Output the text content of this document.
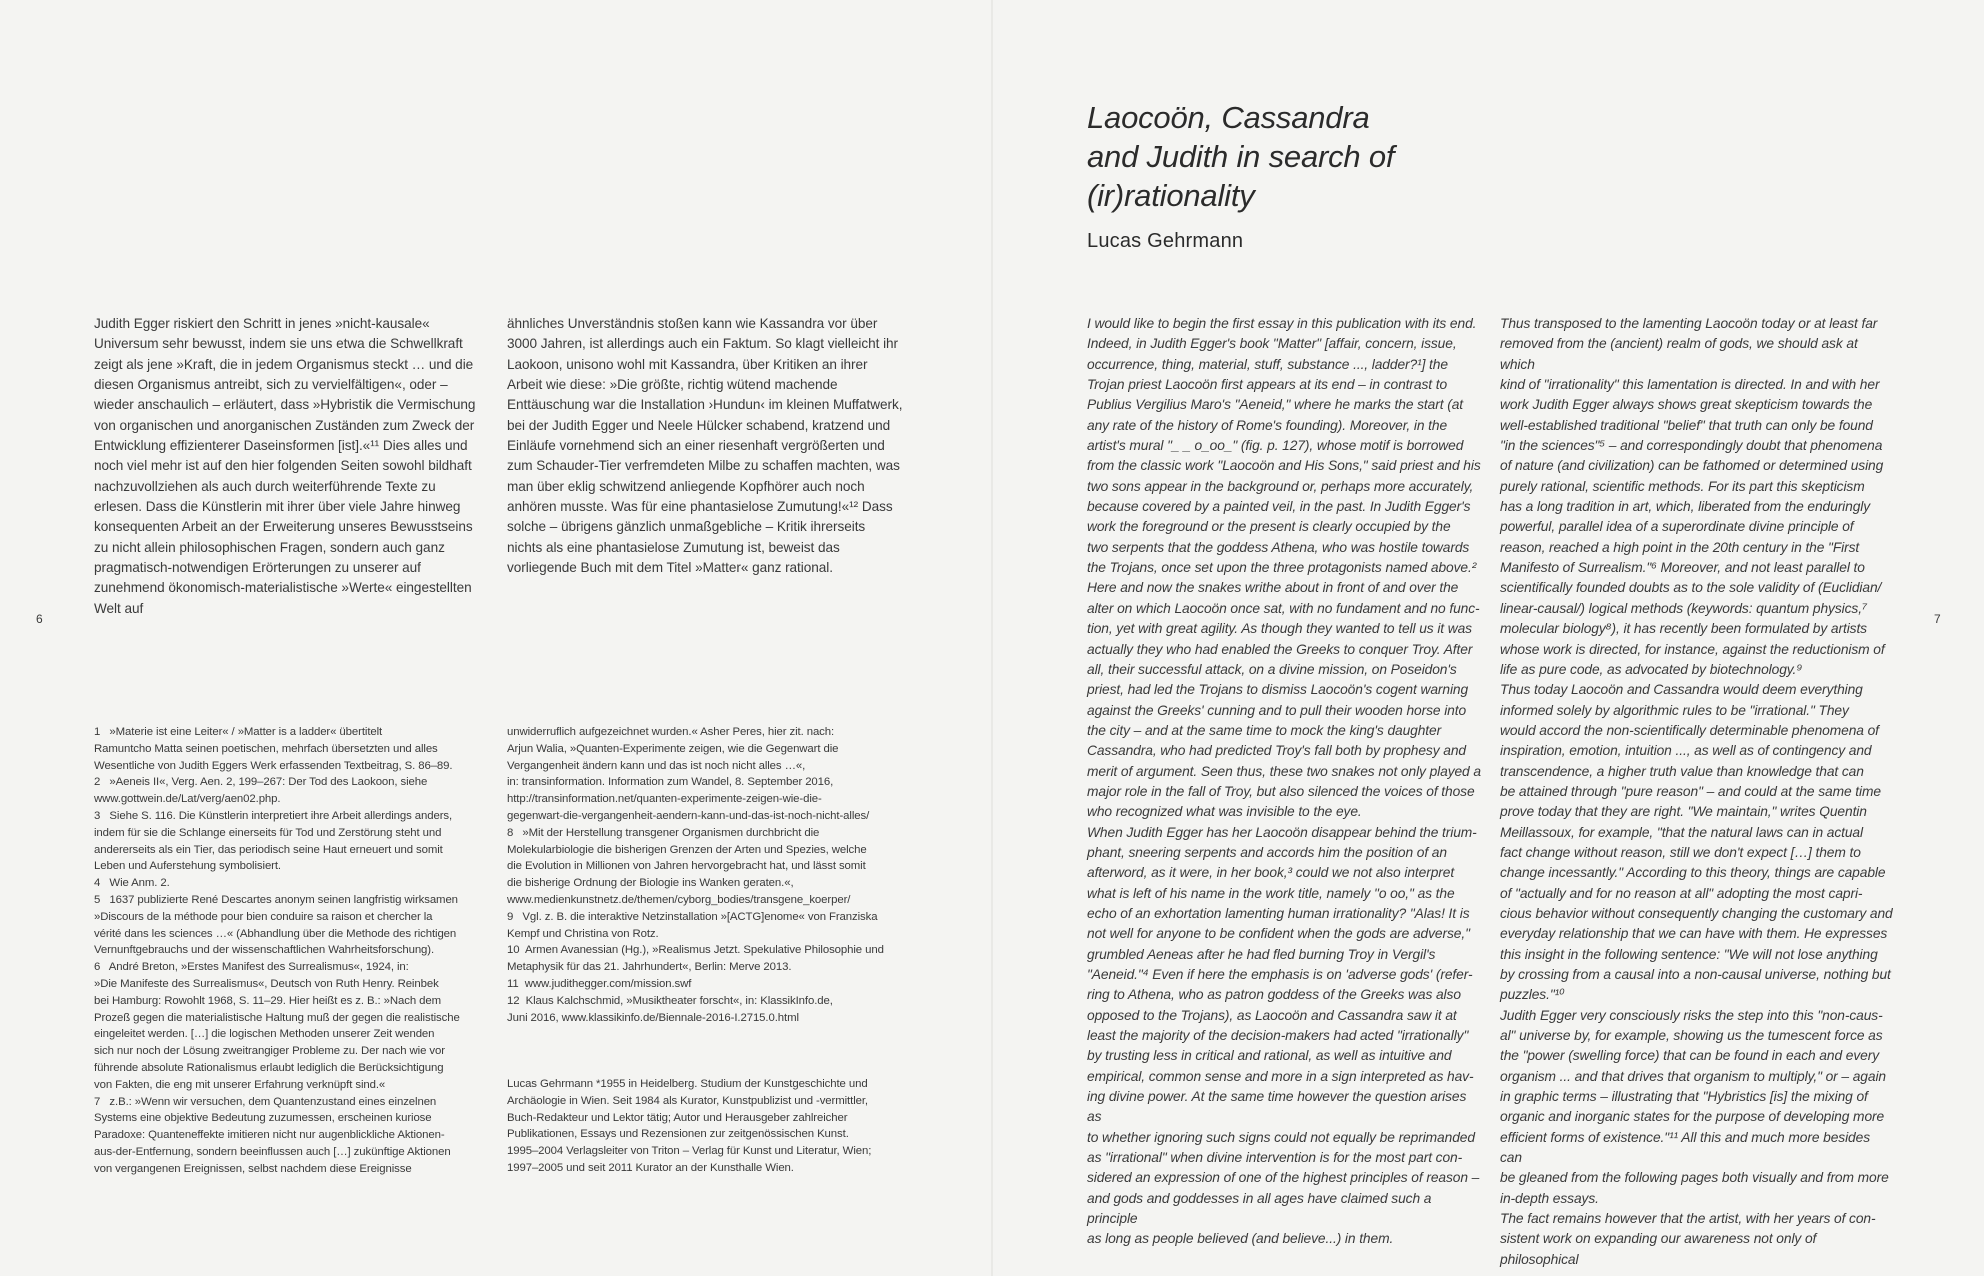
Judith Egger riskiert den Schritt in jenes »nicht-kausale« Universum sehr bewusst, indem sie uns etwa die Schwellkraft zeigt als jene »Kraft, die in jedem Organismus steckt … und die diesen Organismus antreibt, sich zu vervielfältigen«, oder – wieder anschaulich – erläutert, dass »Hybristik die Vermischung von organischen und anorganischen Zuständen zum Zweck der Entwicklung effizienterer Daseinsformen [ist].«¹¹ Dies alles und noch viel mehr ist auf den hier folgenden Seiten sowohl bildhaft nachzuvollziehen als auch durch weiterführende Texte zu erlesen. Dass die Künstlerin mit ihrer über viele Jahre hinweg konsequenten Arbeit an der Erweiterung unseres Bewusstseins zu nicht allein philosophischen Fragen, sondern auch ganz pragmatisch-notwendigen Erörterungen zu unserer auf zunehmend ökonomisch-materialistische »Werte« eingestellten Welt auf
ähnliches Unverständnis stoßen kann wie Kassandra vor über 3000 Jahren, ist allerdings auch ein Faktum. So klagt vielleicht ihr Laokoon, unisono wohl mit Kassandra, über Kritiken an ihrer Arbeit wie diese: »Die größte, richtig wütend machende Enttäuschung war die Installation ›Hundun‹ im kleinen Muffatwerk, bei der Judith Egger und Neele Hülcker schabend, kratzend und Einläufe vornehmend sich an einer riesenhaft vergrößerten und zum Schauder-Tier verfremdeten Milbe zu schaffen machten, was man über eklig schwitzend anliegende Kopfhörer auch noch anhören musste. Was für eine phantasielose Zumutung!«¹² Dass solche – übrigens gänzlich unmaßgebliche – Kritik ihrerseits nichts als eine phantasielose Zumutung ist, beweist das vorliegende Buch mit dem Titel »Matter« ganz rational.
6
1   »Materie ist eine Leiter« / »Matter is a ladder« übertitelt
Ramuntcho Matta seinen poetischen, mehrfach übersetzten und alles
Wesentliche von Judith Eggers Werk erfassenden Textbeitrag, S. 86–89.
2   »Aeneis II«, Verg. Aen. 2, 199–267: Der Tod des Laokoon, siehe
www.gottwein.de/Lat/verg/aen02.php.
3   Siehe S. 116. Die Künstlerin interpretiert ihre Arbeit allerdings anders,
indem für sie die Schlange einerseits für Tod und Zerstörung steht und
andererseits als ein Tier, das periodisch seine Haut erneuert und somit
Leben und Auferstehung symbolisiert.
4   Wie Anm. 2.
5   1637 publizierte René Descartes anonym seinen langfristig wirksamen
»Discours de la méthode pour bien conduire sa raison et chercher la
vérité dans les sciences …« (Abhandlung über die Methode des richtigen
Vernunftgebrauchs und der wissenschaftlichen Wahrheitsforschung).
6   André Breton, »Erstes Manifest des Surrealismus«, 1924, in:
»Die Manifeste des Surrealismus«, Deutsch von Ruth Henry. Reinbek
bei Hamburg: Rowohlt 1968, S. 11–29. Hier heißt es z. B.: »Nach dem
Prozeß gegen die materialistische Haltung muß der gegen die realistische
eingeleitet werden. […] die logischen Methoden unserer Zeit wenden
sich nur noch der Lösung zweitrangiger Probleme zu. Der nach wie vor
führende absolute Rationalismus erlaubt lediglich die Berücksichtigung
von Fakten, die eng mit unserer Erfahrung verknüpft sind.«
7   z.B.: »Wenn wir versuchen, dem Quantenzustand eines einzelnen
Systems eine objektive Bedeutung zuzumessen, erscheinen kuriose
Paradoxe: Quanteneffekte imitieren nicht nur augenblickliche Aktionen-
aus-der-Entfernung, sondern beeinflussen auch […] zukünftige Aktionen
von vergangenen Ereignissen, selbst nachdem diese Ereignisse
unwiderruflich aufgezeichnet wurden.« Asher Peres, hier zit. nach:
Arjun Walia, »Quanten-Experimente zeigen, wie die Gegenwart die
Vergangenheit ändern kann und das ist noch nicht alles …«,
in: transinformation. Information zum Wandel, 8. September 2016,
http://transinformation.net/quanten-experimente-zeigen-wie-die-
gegenwart-die-vergangenheit-aendern-kann-und-das-ist-noch-nicht-alles/
8   »Mit der Herstellung transgener Organismen durchbricht die
Molekularbiologie die bisherigen Grenzen der Arten und Spezies, welche
die Evolution in Millionen von Jahren hervorgebracht hat, und lässt somit
die bisherige Ordnung der Biologie ins Wanken geraten.«,
www.medienkunstnetz.de/themen/cyborg_bodies/transgene_koerper/
9   Vgl. z. B. die interaktive Netzinstallation »[ACTG]enome« von Franziska
Kempf und Christina von Rotz.
10  Armen Avanessian (Hg.), »Realismus Jetzt. Spekulative Philosophie und
Metaphysik für das 21. Jahrhundert«, Berlin: Merve 2013.
11  www.judithegger.com/mission.swf
12  Klaus Kalchschmid, »Musiktheater forscht«, in: KlassikInfo.de,
Juni 2016, www.klassikinfo.de/Biennale-2016-I.2715.0.html
Lucas Gehrmann *1955 in Heidelberg. Studium der Kunstgeschichte und
Archäologie in Wien. Seit 1984 als Kurator, Kunstpublizist und -vermittler,
Buch-Redakteur und Lektor tätig; Autor und Herausgeber zahlreicher
Publikationen, Essays und Rezensionen zur zeitgenössischen Kunst.
1995–2004 Verlagsleiter von Triton – Verlag für Kunst und Literatur, Wien;
1997–2005 und seit 2011 Kurator an der Kunsthalle Wien.
Laocoön, Cassandra
and Judith in search of
(ir)rationality
Lucas Gehrmann
I would like to begin the first essay in this publication with its end.
Indeed, in Judith Egger's book "Matter" [affair, concern, issue,
occurrence, thing, material, stuff, substance ..., ladder?¹] the
Trojan priest Laocoön first appears at its end – in contrast to
Publius Vergilius Maro's "Aeneid," where he marks the start (at
any rate of the history of Rome's founding). Moreover, in the
artist's mural "_ _ o_oo_" (fig. p. 127), whose motif is borrowed
from the classic work "Laocoön and His Sons," said priest and his
two sons appear in the background or, perhaps more accurately,
because covered by a painted veil, in the past. In Judith Egger's
work the foreground or the present is clearly occupied by the
two serpents that the goddess Athena, who was hostile towards
the Trojans, once set upon the three protagonists named above.²
Here and now the snakes writhe about in front of and over the
alter on which Laocoön once sat, with no fundament and no func-
tion, yet with great agility. As though they wanted to tell us it was
actually they who had enabled the Greeks to conquer Troy. After
all, their successful attack, on a divine mission, on Poseidon's
priest, had led the Trojans to dismiss Laocoön's cogent warning
against the Greeks' cunning and to pull their wooden horse into
the city – and at the same time to mock the king's daughter
Cassandra, who had predicted Troy's fall both by prophesy and
merit of argument. Seen thus, these two snakes not only played a
major role in the fall of Troy, but also silenced the voices of those
who recognized what was invisible to the eye.
When Judith Egger has her Laocoön disappear behind the trium-
phant, sneering serpents and accords him the position of an
afterword, as it were, in her book,³ could we not also interpret
what is left of his name in the work title, namely "o oo," as the
echo of an exhortation lamenting human irrationality? "Alas! It is
not well for anyone to be confident when the gods are adverse,"
grumbled Aeneas after he had fled burning Troy in Vergil's
"Aeneid."⁴ Even if here the emphasis is on 'adverse gods' (refer-
ring to Athena, who as patron goddess of the Greeks was also
opposed to the Trojans), as Laocoön and Cassandra saw it at
least the majority of the decision-makers had acted "irrationally"
by trusting less in critical and rational, as well as intuitive and
empirical, common sense and more in a sign interpreted as hav-
ing divine power. At the same time however the question arises as
to whether ignoring such signs could not equally be reprimanded
as "irrational" when divine intervention is for the most part con-
sidered an expression of one of the highest principles of reason –
and gods and goddesses in all ages have claimed such a principle
as long as people believed (and believe...) in them.
Thus transposed to the lamenting Laocoön today or at least far
removed from the (ancient) realm of gods, we should ask at which
kind of "irrationality" this lamentation is directed. In and with her
work Judith Egger always shows great skepticism towards the
well-established traditional "belief" that truth can only be found
"in the sciences"⁵ – and correspondingly doubt that phenomena
of nature (and civilization) can be fathomed or determined using
purely rational, scientific methods. For its part this skepticism
has a long tradition in art, which, liberated from the enduringly
powerful, parallel idea of a superordinate divine principle of
reason, reached a high point in the 20th century in the "First
Manifesto of Surrealism."⁶ Moreover, and not least parallel to
scientifically founded doubts as to the sole validity of (Euclidian/
linear-causal/) logical methods (keywords: quantum physics,⁷
molecular biology⁸), it has recently been formulated by artists
whose work is directed, for instance, against the reductionism of
life as pure code, as advocated by biotechnology.⁹
Thus today Laocoön and Cassandra would deem everything
informed solely by algorithmic rules to be "irrational." They
would accord the non-scientifically determinable phenomena of
inspiration, emotion, intuition ..., as well as of contingency and
transcendence, a higher truth value than knowledge that can
be attained through "pure reason" – and could at the same time
prove today that they are right. "We maintain," writes Quentin
Meillassoux, for example, "that the natural laws can in actual
fact change without reason, still we don't expect […] them to
change incessantly." According to this theory, things are capable
of "actually and for no reason at all" adopting the most capri-
cious behavior without consequently changing the customary and
everyday relationship that we can have with them. He expresses
this insight in the following sentence: "We will not lose anything
by crossing from a causal into a non-causal universe, nothing but
puzzles."¹⁰
Judith Egger very consciously risks the step into this "non-caus-
al" universe by, for example, showing us the tumescent force as
the "power (swelling force) that can be found in each and every
organism ... and that drives that organism to multiply," or – again
in graphic terms – illustrating that "Hybristics [is] the mixing of
organic and inorganic states for the purpose of developing more
efficient forms of existence."¹¹ All this and much more besides can
be gleaned from the following pages both visually and from more
in-depth essays.
The fact remains however that the artist, with her years of con-
sistent work on expanding our awareness not only of philosophical
7
